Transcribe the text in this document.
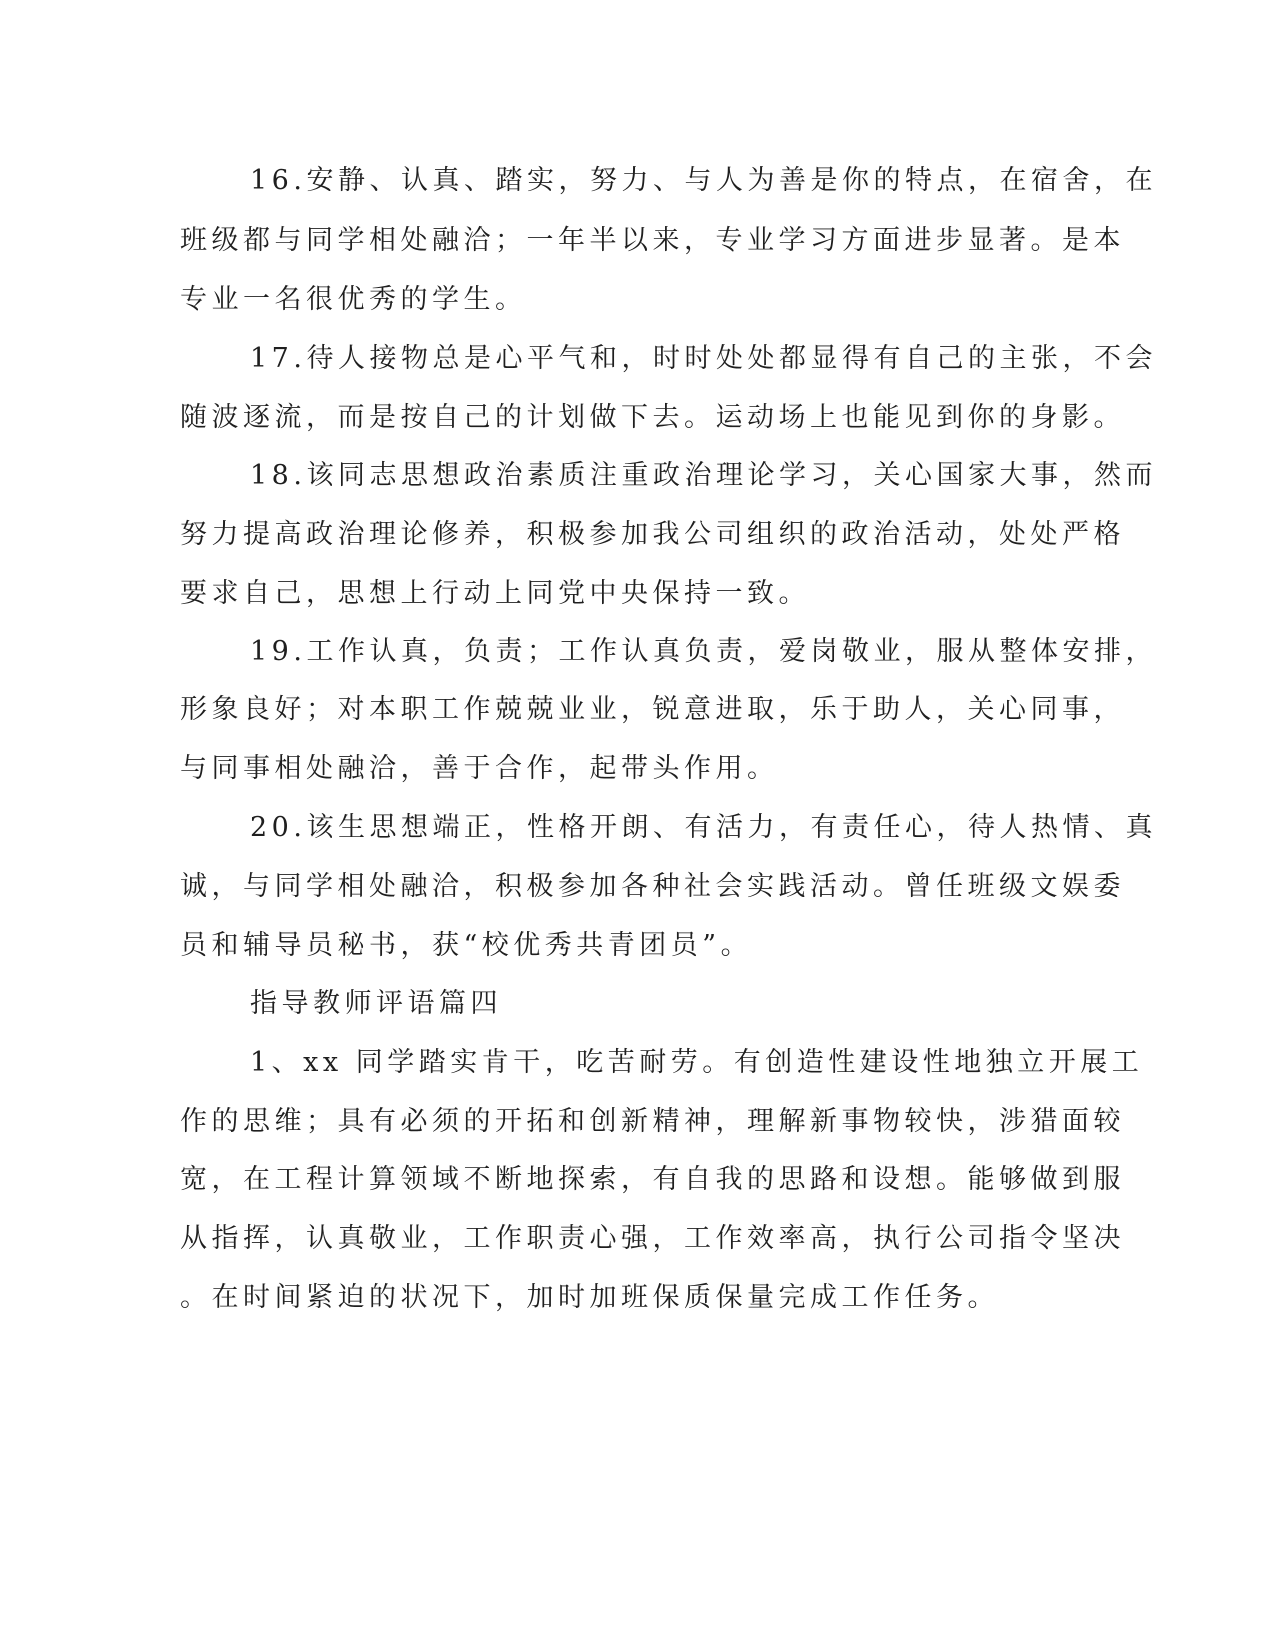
16.安静、认真、踏实，努力、与人为善是你的特点，在宿舍，在

班级都与同学相处融洽；一年半以来，专业学习方面进步显著。是本

专业一名很优秀的学生。

17.待人接物总是心平气和，时时处处都显得有自己的主张，不会

随波逐流，而是按自己的计划做下去。运动场上也能见到你的身影。

18.该同志思想政治素质注重政治理论学习，关心国家大事，然而

努力提高政治理论修养，积极参加我公司组织的政治活动，处处严格

要求自己，思想上行动上同党中央保持一致。

19.工作认真，负责；工作认真负责，爱岗敬业，服从整体安排，

形象良好；对本职工作兢兢业业，锐意进取，乐于助人，关心同事，

与同事相处融洽，善于合作，起带头作用。

20.该生思想端正，性格开朗、有活力，有责任心，待人热情、真

诚，与同学相处融洽，积极参加各种社会实践活动。曾任班级文娱委

员和辅导员秘书，获“校优秀共青团员”。

指导教师评语篇四

1、xx 同学踏实肯干，吃苦耐劳。有创造性建设性地独立开展工

作的思维；具有必须的开拓和创新精神，理解新事物较快，涉猎面较

宽，在工程计算领域不断地探索，有自我的思路和设想。能够做到服

从指挥，认真敬业，工作职责心强，工作效率高，执行公司指令坚决

。在时间紧迫的状况下，加时加班保质保量完成工作任务。
